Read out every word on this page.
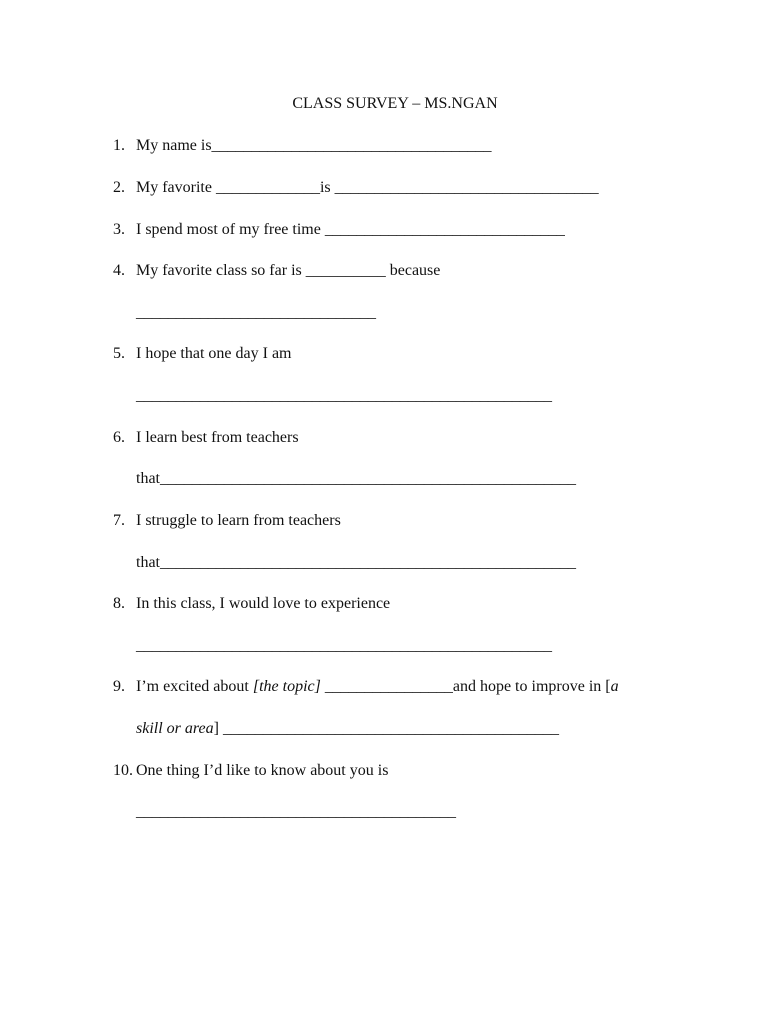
CLASS SURVEY – MS.NGAN
1. My name is___________________________________
2. My favorite _____________is _________________________________
3. I spend most of my free time ______________________________
4. My favorite class so far is __________ because
______________________________
5. I hope that one day I am
____________________________________________________
6. I learn best from teachers
that____________________________________________________
7. I struggle to learn from teachers
that____________________________________________________
8. In this class, I would love to experience
____________________________________________________
9. I’m excited about [the topic] ________________and hope to improve in [a
skill or area] __________________________________________
10. One thing I’d like to know about you is
________________________________________
